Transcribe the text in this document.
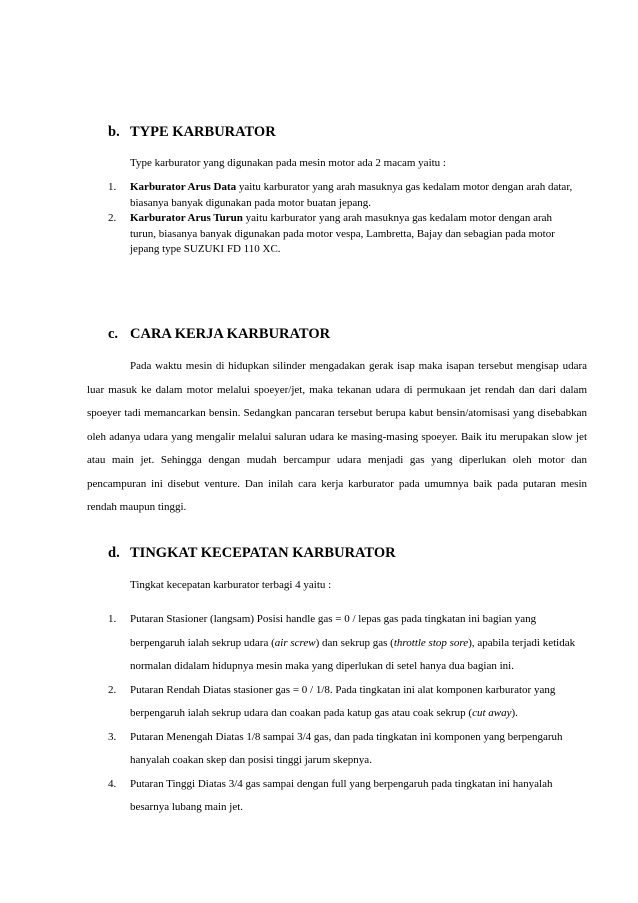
b. TYPE KARBURATOR
Type karburator yang digunakan pada mesin motor ada 2 macam yaitu :
1.	Karburator Arus Data yaitu karburator yang arah masuknya gas kedalam motor dengan arah datar, biasanya banyak digunakan pada motor buatan jepang.
2.	Karburator Arus Turun yaitu karburator yang arah masuknya gas kedalam motor dengan arah turun, biasanya banyak digunakan pada motor vespa, Lambretta, Bajay dan sebagian pada motor jepang type SUZUKI FD 110 XC.
c. CARA KERJA KARBURATOR
Pada waktu mesin di hidupkan silinder mengadakan gerak isap maka isapan tersebut mengisap udara luar masuk ke dalam motor melalui spoeyer/jet, maka tekanan udara di permukaan jet rendah dan dari dalam spoeyer tadi memancarkan bensin. Sedangkan pancaran tersebut berupa kabut bensin/atomisasi yang disebabkan oleh adanya udara yang mengalir melalui saluran udara ke masing-masing spoeyer. Baik itu merupakan slow jet atau main jet. Sehingga dengan mudah bercampur udara menjadi gas yang diperlukan oleh motor dan pencampuran ini disebut venture. Dan inilah cara kerja karburator pada umumnya baik pada putaran mesin rendah maupun tinggi.
d. TINGKAT KECEPATAN KARBURATOR
Tingkat kecepatan karburator terbagi 4 yaitu :
1.	Putaran Stasioner (langsam) Posisi handle gas = 0 / lepas gas pada tingkatan ini bagian yang berpengaruh ialah sekrup udara (air screw) dan sekrup gas (throttle stop sore), apabila terjadi ketidak normalan didalam hidupnya mesin maka yang diperlukan di setel hanya dua bagian ini.
2.	Putaran Rendah Diatas stasioner gas = 0 / 1/8. Pada tingkatan ini alat komponen karburator yang berpengaruh ialah sekrup udara dan coakan pada katup gas atau coak sekrup (cut away).
3.	Putaran Menengah Diatas 1/8 sampai 3/4 gas, dan pada tingkatan ini komponen yang berpengaruh hanyalah coakan skep dan posisi tinggi jarum skepnya.
4.	Putaran Tinggi Diatas 3/4 gas sampai dengan full yang berpengaruh pada tingkatan ini hanyalah besarnya lubang main jet.
